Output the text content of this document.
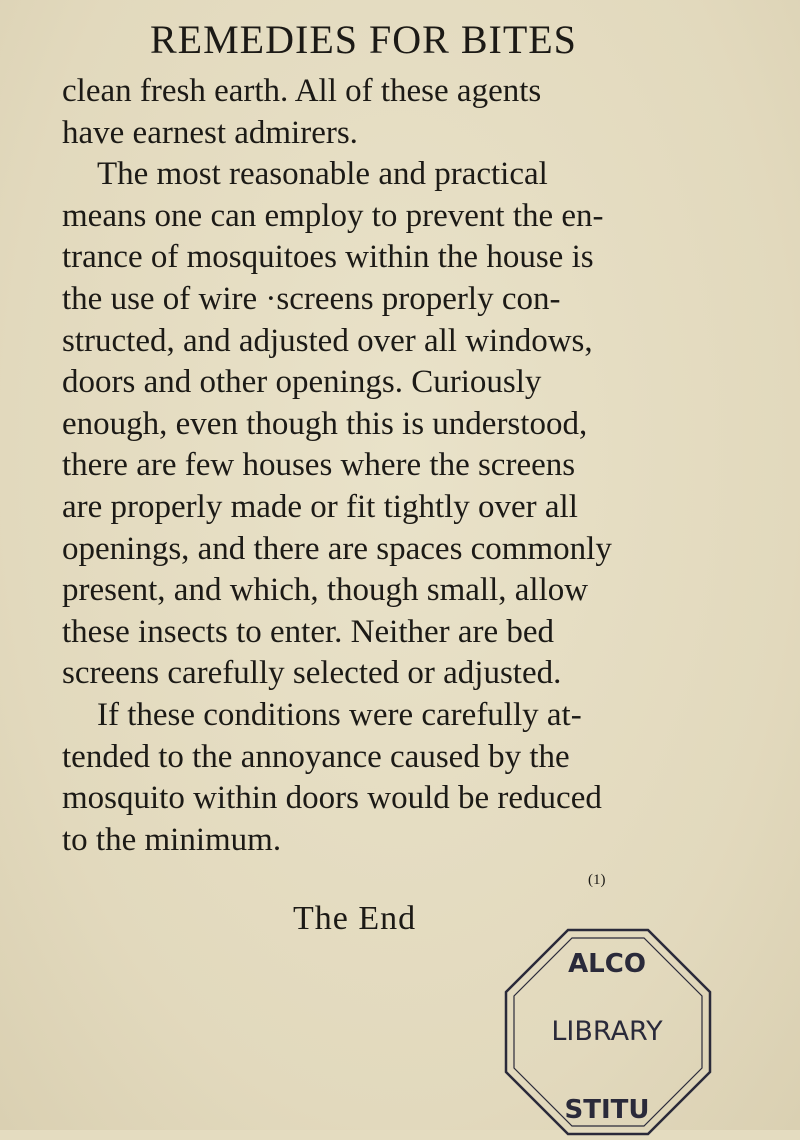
REMEDIES FOR BITES
clean fresh earth. All of these agents
have earnest admirers.
The most reasonable and practical
means one can employ to prevent the en-
trance of mosquitoes within the house is
the use of wire ·screens properly con-
structed, and adjusted over all windows,
doors and other openings. Curiously
enough, even though this is understood,
there are few houses where the screens
are properly made or fit tightly over all
openings, and there are spaces commonly
present, and which, though small, allow
these insects to enter. Neither are bed
screens carefully selected or adjusted.
If these conditions were carefully at-
tended to the annoyance caused by the
mosquito within doors would be reduced
to the minimum.
(1)
The End
ALCO
LIBRARY
STITU
